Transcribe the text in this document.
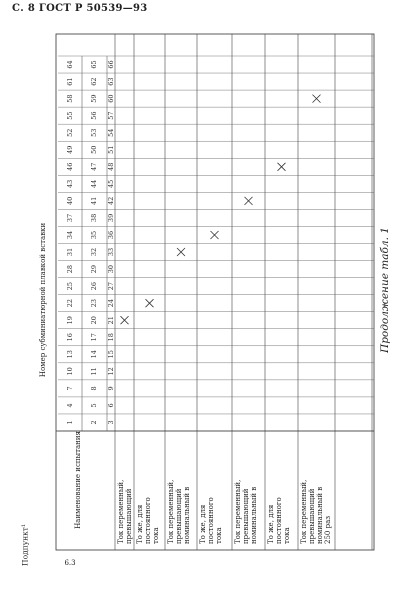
С. 8 ГОСТ Р 50539—93
Продолжение табл. 1
Подпункт¹
Номер субминиатюрной плавкой вставки
Наименование испытания
6.3
1
4
7
10
13
16
19
22
25
28
31
34
37
40
43
46
49
52
55
58
61
64
2
5
8
11
14
17
20
23
26
29
32
35
38
41
44
47
50
53
56
59
62
65
3
6
9
12
15
18
21
24
27
30
33
36
39
42
45
48
51
54
57
60
63
66
Ток переменный, превышающий То же, для постоянного тока Ток переменный, превышающий номинальный в То же, для постоянного тока Ток переменный, превышающий номинальный в То же, для постоянного тока Ток переменный, превышающий номинальный в 250 раз
